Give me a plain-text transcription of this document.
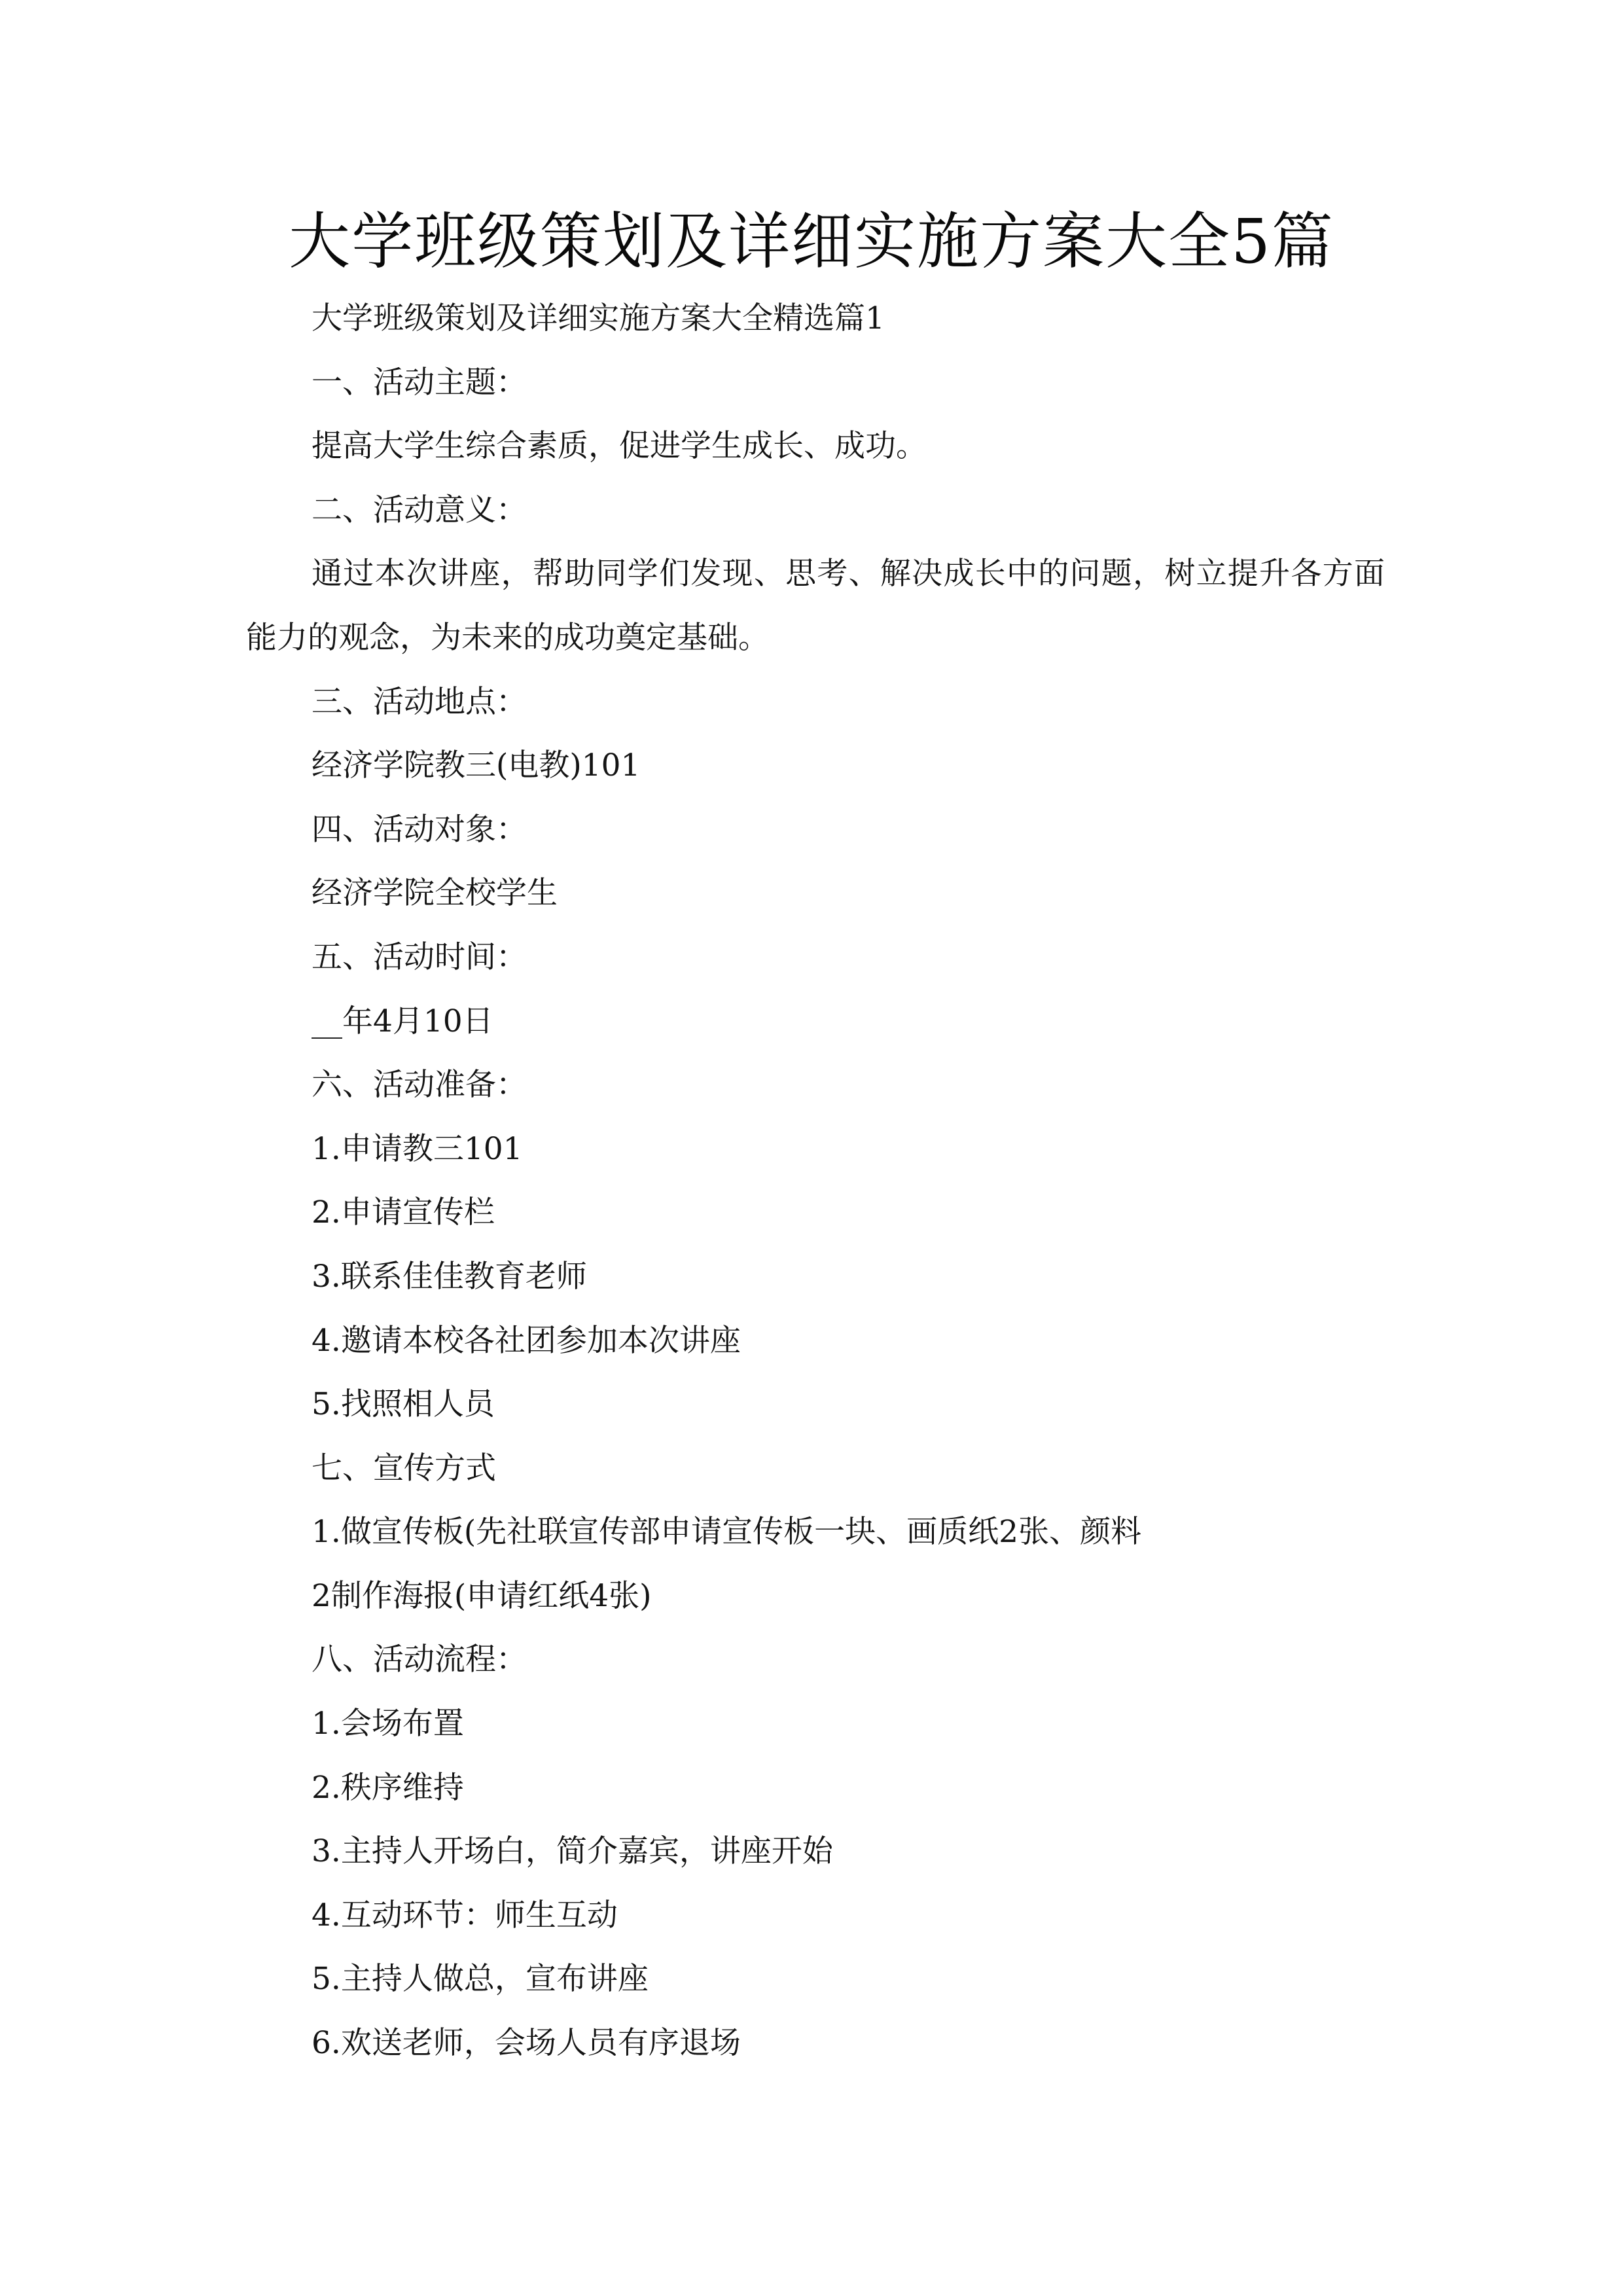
大学班级策划及详细实施方案大全5篇

大学班级策划及详细实施方案大全精选篇1

一、活动主题：

提高大学生综合素质，促进学生成长、成功。

二、活动意义：

通过本次讲座，帮助同学们发现、思考、解决成长中的问题，树立提升各方面能力的观念，为未来的成功奠定基础。

三、活动地点：

经济学院教三(电教)101

四、活动对象：

经济学院全校学生

五、活动时间：

__年4月10日

六、活动准备：

1.申请教三101

2.申请宣传栏

3.联系佳佳教育老师

4.邀请本校各社团参加本次讲座

5.找照相人员

七、宣传方式

1.做宣传板(先社联宣传部申请宣传板一块、画质纸2张、颜料

2制作海报(申请红纸4张)

八、活动流程：

1.会场布置

2.秩序维持

3.主持人开场白，简介嘉宾，讲座开始

4.互动环节：师生互动

5.主持人做总，宣布讲座

6.欢送老师，会场人员有序退场
